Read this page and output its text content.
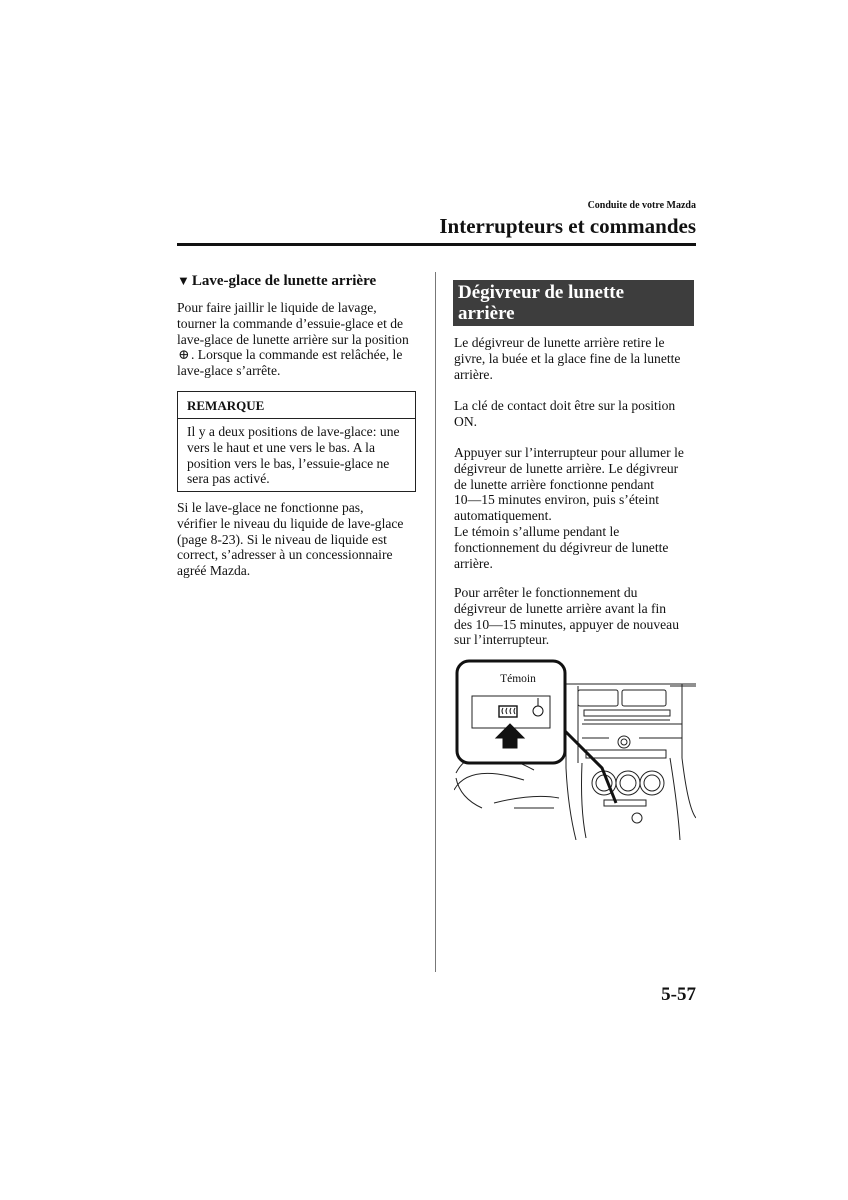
Conduite de votre Mazda
Interrupteurs et commandes
▼ Lave-glace de lunette arrière

Pour faire jaillir le liquide de lavage,

tourner la commande d’essuie-glace et de

lave-glace de lunette arrière sur la position

⊕. Lorsque la commande est relâchée, le

lave-glace s’arrête.

REMARQUE

Il y a deux positions de lave-glace: une

vers le haut et une vers le bas. A la

position vers le bas, l’essuie-glace ne

sera pas activé.

Si le lave-glace ne fonctionne pas,

vérifier le niveau du liquide de lave-glace

(page 8-23). Si le niveau de liquide est

correct, s’adresser à un concessionnaire

agréé Mazda.

Dégivreur de lunette
arrière

Le dégivreur de lunette arrière retire le

givre, la buée et la glace fine de la lunette

arrière.

La clé de contact doit être sur la position

ON.

Appuyer sur l’interrupteur pour allumer le

dégivreur de lunette arrière. Le dégivreur

de lunette arrière fonctionne pendant

10—15 minutes environ, puis s’éteint

automatiquement.

Le témoin s’allume pendant le

fonctionnement du dégivreur de lunette

arrière.

Pour arrêter le fonctionnement du

dégivreur de lunette arrière avant la fin

des 10—15 minutes, appuyer de nouveau

sur l’interrupteur.

Témoin
5-57
